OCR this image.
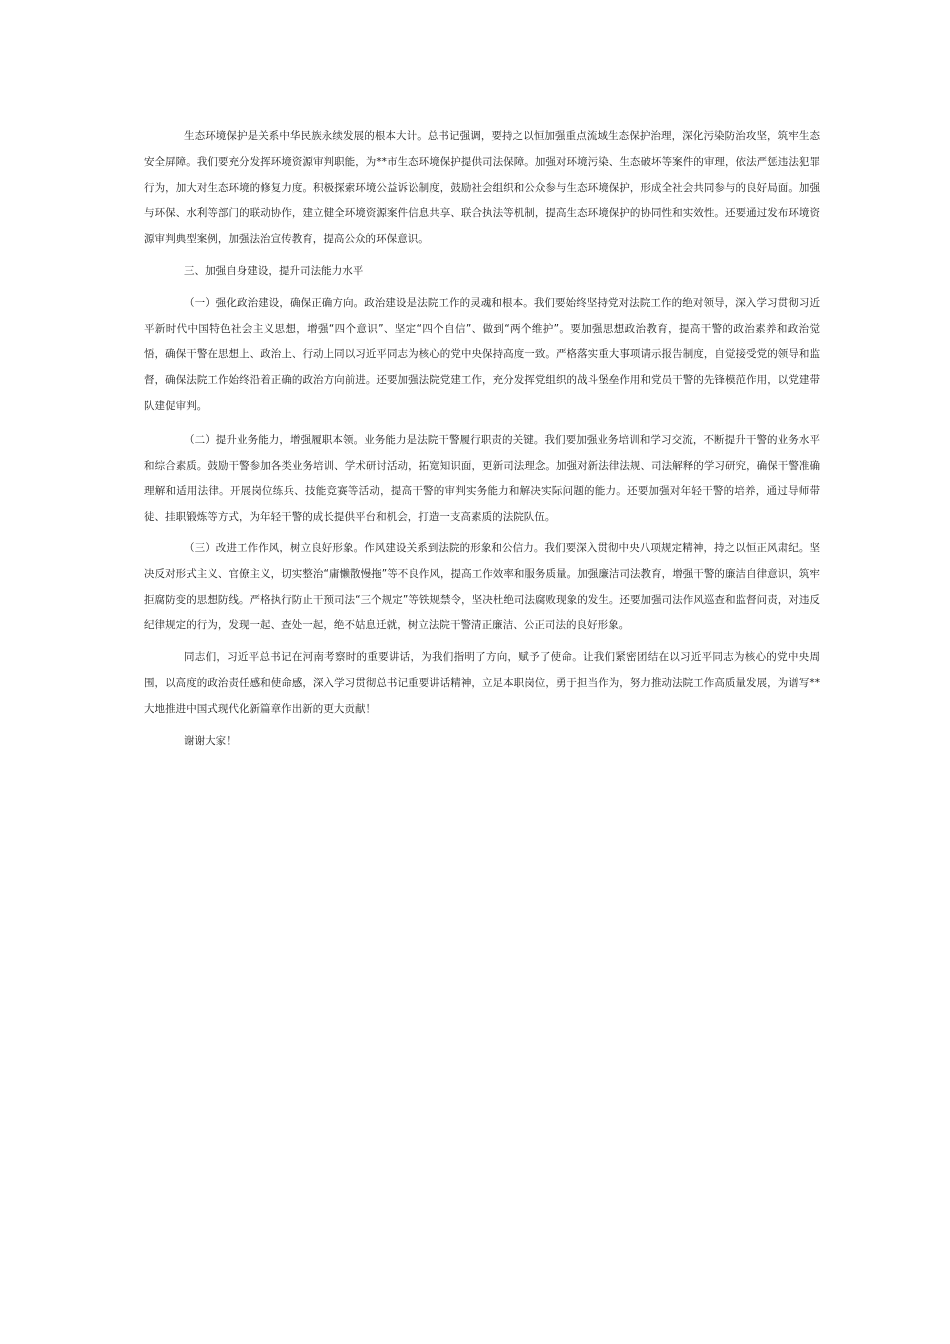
生态环境保护是关系中华民族永续发展的根本大计。总书记强调，要持之以恒加强重点流域生态保护治理，深化污染防治攻坚，筑牢生态安全屏障。我们要充分发挥环境资源审判职能，为**市生态环境保护提供司法保障。加强对环境污染、生态破坏等案件的审理，依法严惩违法犯罪行为，加大对生态环境的修复力度。积极探索环境公益诉讼制度，鼓励社会组织和公众参与生态环境保护，形成全社会共同参与的良好局面。加强与环保、水利等部门的联动协作，建立健全环境资源案件信息共享、联合执法等机制，提高生态环境保护的协同性和实效性。还要通过发布环境资源审判典型案例，加强法治宣传教育，提高公众的环保意识。

三、加强自身建设，提升司法能力水平

（一）强化政治建设，确保正确方向。政治建设是法院工作的灵魂和根本。我们要始终坚持党对法院工作的绝对领导，深入学习贯彻习近平新时代中国特色社会主义思想，增强“四个意识”、坚定“四个自信”、做到“两个维护”。要加强思想政治教育，提高干警的政治素养和政治觉悟，确保干警在思想上、政治上、行动上同以习近平同志为核心的党中央保持高度一致。严格落实重大事项请示报告制度，自觉接受党的领导和监督，确保法院工作始终沿着正确的政治方向前进。还要加强法院党建工作，充分发挥党组织的战斗堡垒作用和党员干警的先锋模范作用，以党建带队建促审判。

（二）提升业务能力，增强履职本领。业务能力是法院干警履行职责的关键。我们要加强业务培训和学习交流，不断提升干警的业务水平和综合素质。鼓励干警参加各类业务培训、学术研讨活动，拓宽知识面，更新司法理念。加强对新法律法规、司法解释的学习研究，确保干警准确理解和适用法律。开展岗位练兵、技能竞赛等活动，提高干警的审判实务能力和解决实际问题的能力。还要加强对年轻干警的培养，通过导师带徒、挂职锻炼等方式，为年轻干警的成长提供平台和机会，打造一支高素质的法院队伍。

（三）改进工作作风，树立良好形象。作风建设关系到法院的形象和公信力。我们要深入贯彻中央八项规定精神，持之以恒正风肃纪。坚决反对形式主义、官僚主义，切实整治“庸懒散慢拖”等不良作风，提高工作效率和服务质量。加强廉洁司法教育，增强干警的廉洁自律意识，筑牢拒腐防变的思想防线。严格执行防止干预司法“三个规定”等铁规禁令，坚决杜绝司法腐败现象的发生。还要加强司法作风巡查和监督问责，对违反纪律规定的行为，发现一起、查处一起，绝不姑息迁就，树立法院干警清正廉洁、公正司法的良好形象。

同志们，习近平总书记在河南考察时的重要讲话，为我们指明了方向，赋予了使命。让我们紧密团结在以习近平同志为核心的党中央周围，以高度的政治责任感和使命感，深入学习贯彻总书记重要讲话精神，立足本职岗位，勇于担当作为，努力推动法院工作高质量发展，为谱写**大地推进中国式现代化新篇章作出新的更大贡献！

谢谢大家！
